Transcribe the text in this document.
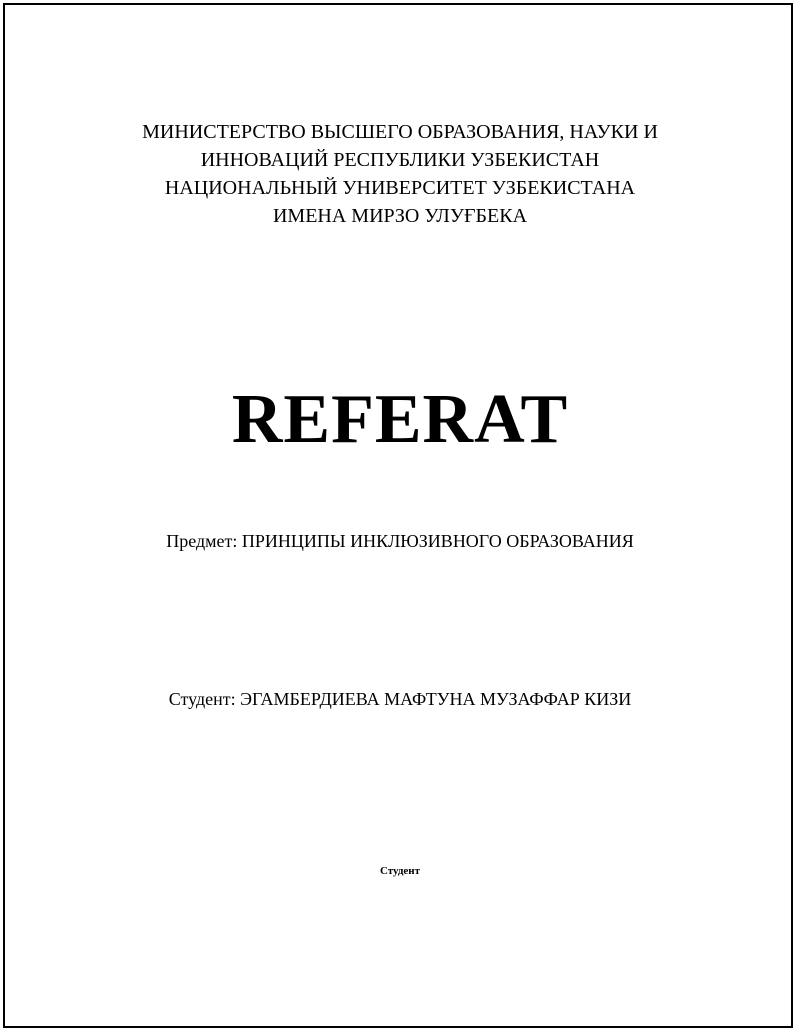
МИНИСТЕРСТВО ВЫСШЕГО ОБРАЗОВАНИЯ, НАУКИ И
ИННОВАЦИЙ РЕСПУБЛИКИ УЗБЕКИСТАН
НАЦИОНАЛЬНЫЙ УНИВЕРСИТЕТ УЗБЕКИСТАНА
ИМЕНА МИРЗО УЛУҒБЕКА
REFERAT
Предмет: ПРИНЦИПЫ ИНКЛЮЗИВНОГО ОБРАЗОВАНИЯ
Студент: ЭГАМБЕРДИЕВА МАФТУНА МУЗАФФАР КИЗИ
Студент
